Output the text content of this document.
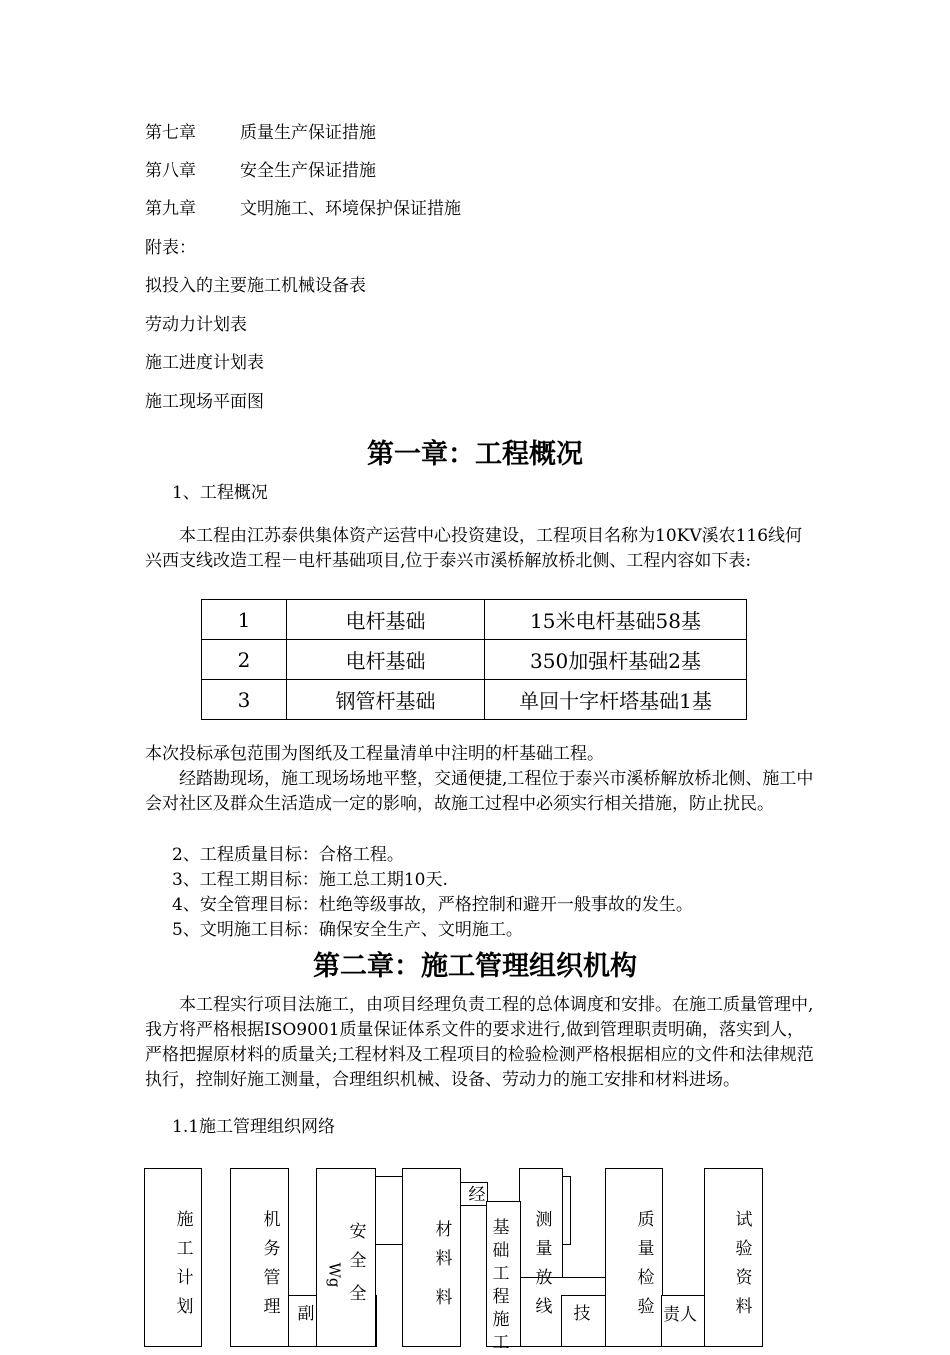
第七章	质量生产保证措施
第八章	安全生产保证措施
第九章	文明施工、环境保护保证措施
附表：
拟投入的主要施工机械设备表
劳动力计划表
施工进度计划表
施工现场平面图
第一章：工程概况
1、工程概况
本工程由江苏泰供集体资产运营中心投资建设，工程项目名称为10KV溪农116线何兴西支线改造工程－电杆基础项目,位于泰兴市溪桥解放桥北侧、工程内容如下表:
1	电杆基础	15米电杆基础58基
2	电杆基础	350加强杆基础2基
3	钢管杆基础	单回十字杆塔基础1基
本次投标承包范围为图纸及工程量清单中注明的杆基础工程。
经踏勘现场，施工现场场地平整，交通便捷,工程位于泰兴市溪桥解放桥北侧、施工中会对社区及群众生活造成一定的影响，故施工过程中必须实行相关措施，防止扰民。
2、工程质量目标：合格工程。
3、工程工期目标：施工总工期10天.
4、安全管理目标：杜绝等级事故，严格控制和避开一般事故的发生。
5、文明施工目标：确保安全生产、文明施工。
第二章：施工管理组织机构
本工程实行项目法施工，由项目经理负责工程的总体调度和安排。在施工质量管理中,我方将严格根据ISO9001质量保证体系文件的要求进行,做到管理职责明确，落实到人，严格把握原材料的质量关;工程材料及工程项目的检验检测严格根据相应的文件和法律规范执行，控制好施工测量，合理组织机械、设备、劳动力的施工安排和材料进场。
1.1施工管理组织网络
施工计划
机务管理
安全
材料
基础工程施工
测量放线
质量检验
试验资料
经
Wg
全	料
副	技	责人
